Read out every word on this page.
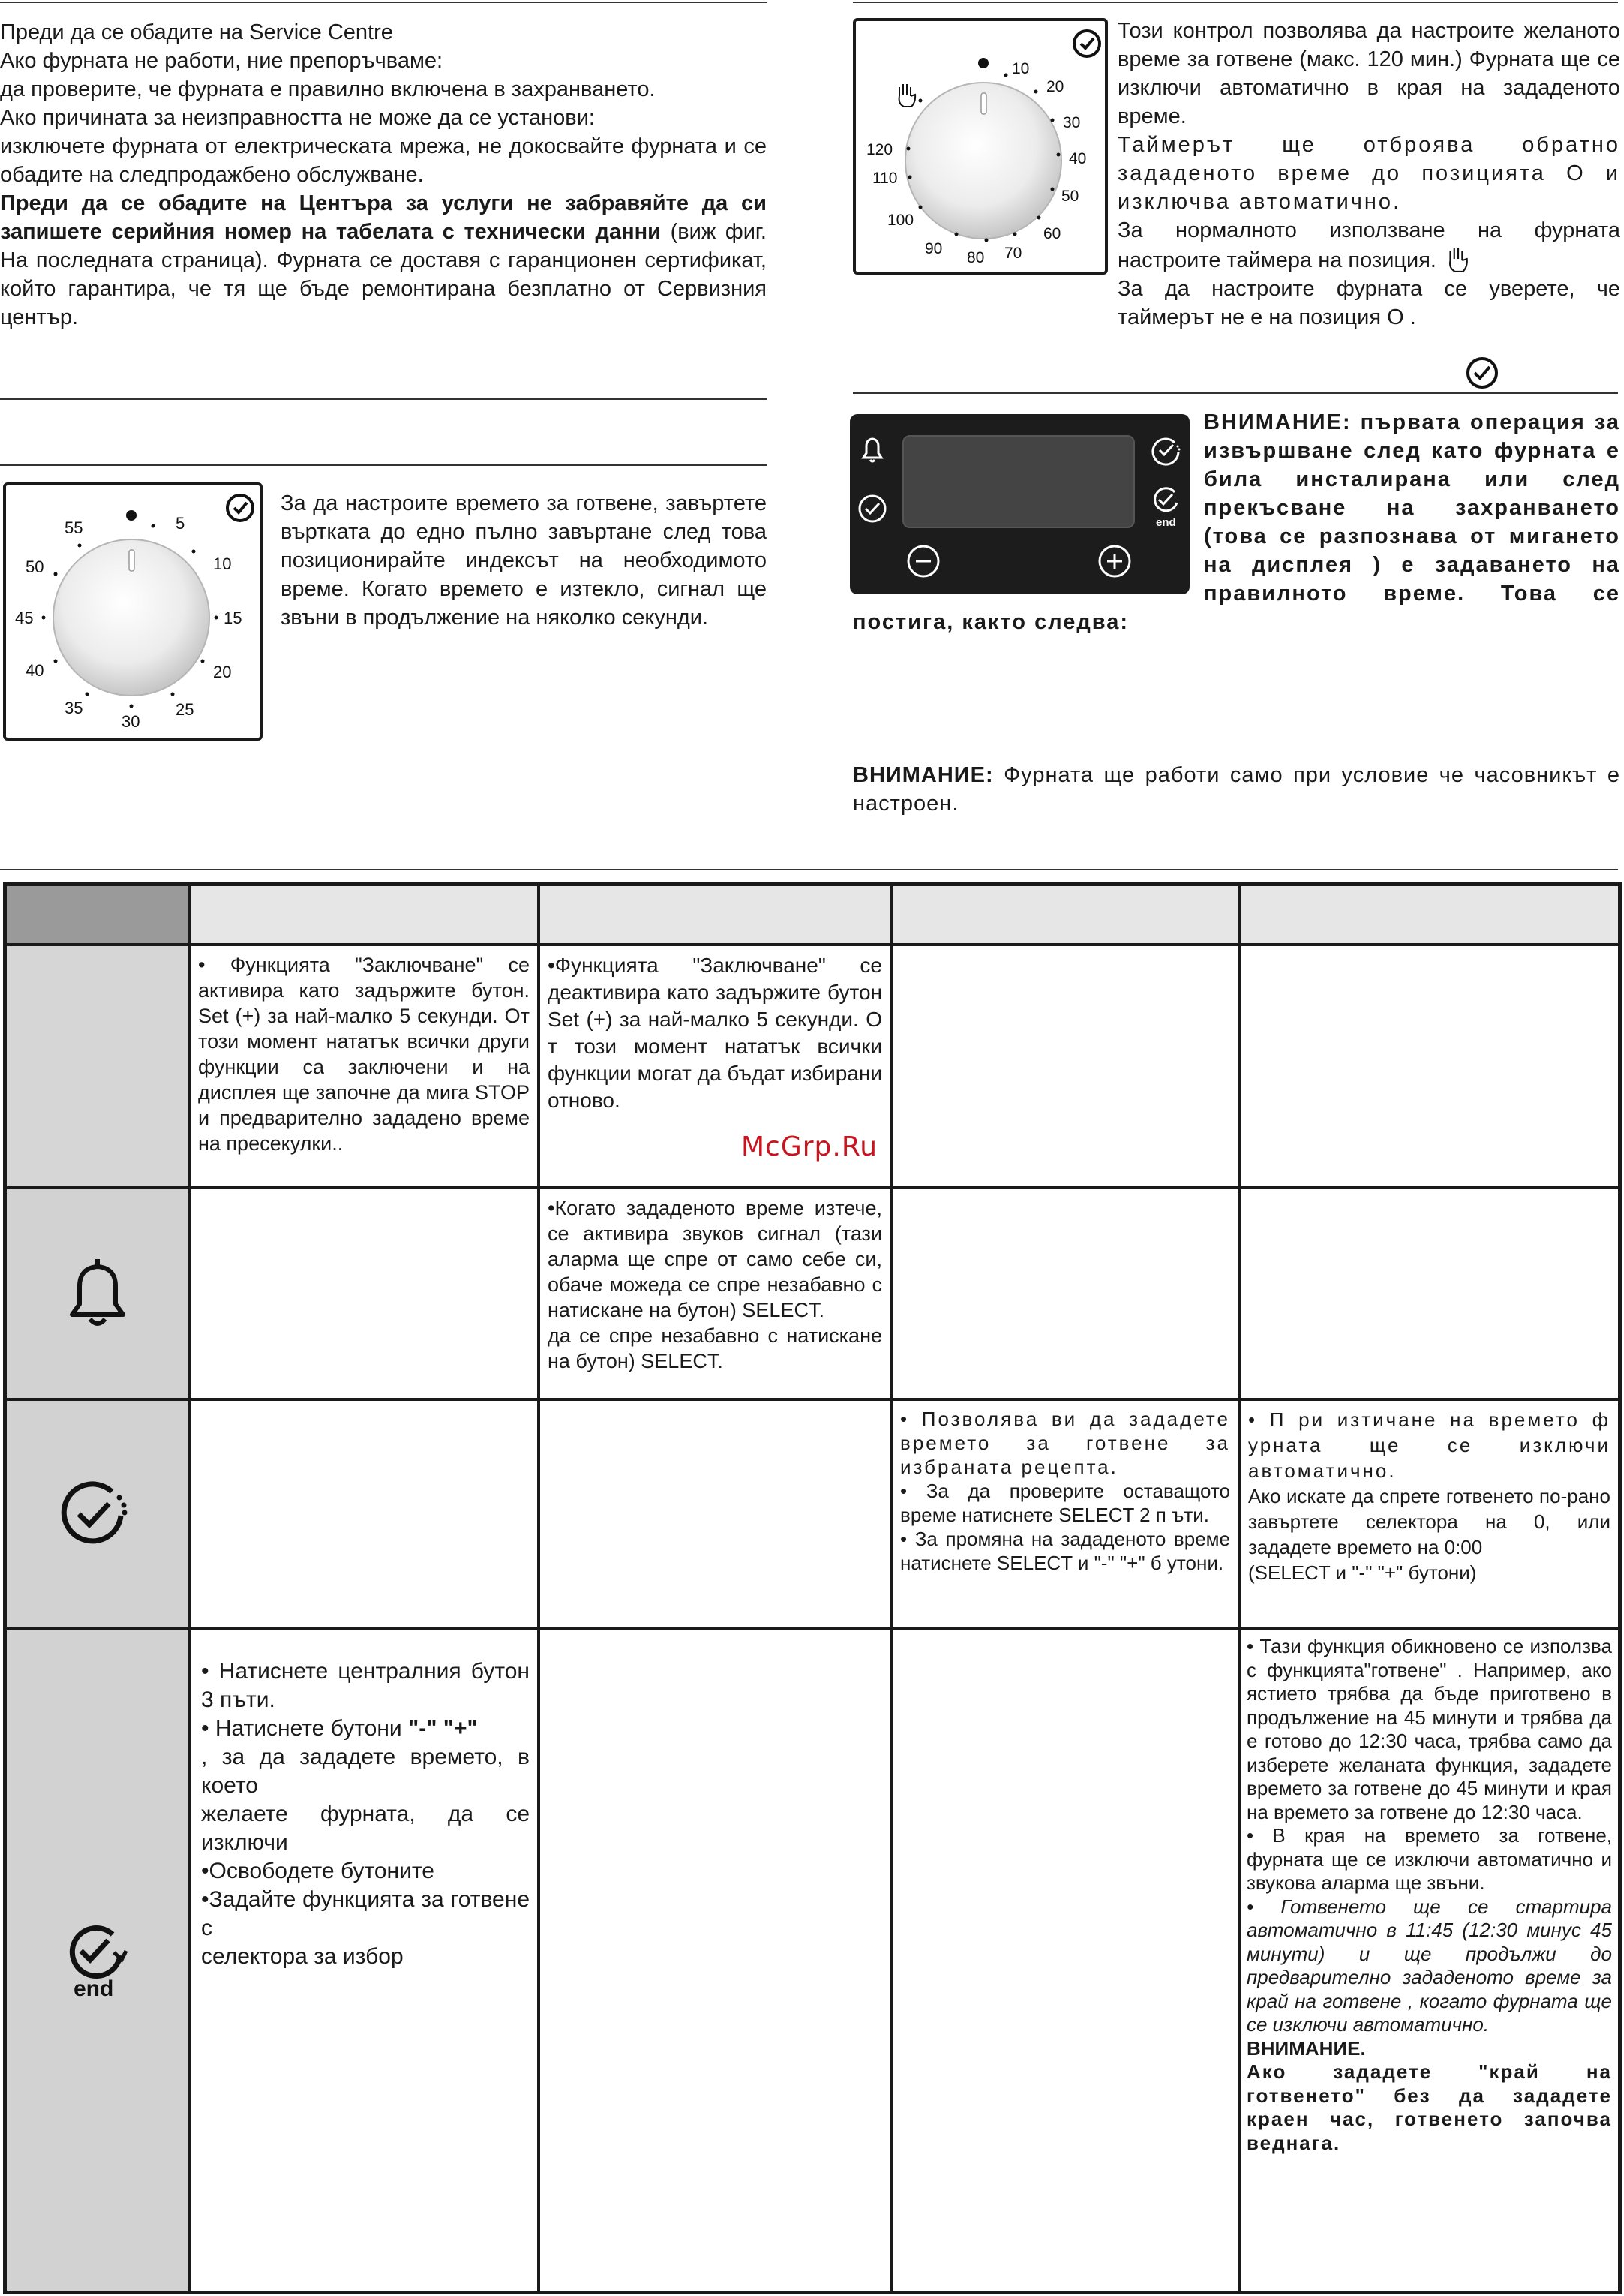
Преди да се обадите на Service Centre
Ако фурната не работи, ние препоръчваме:
да проверите, че фурната е правилно включена в захранването.
Ако причината за неизправността не може да се установи:
изключете фурната от електрическата мрежа, не докосвайте фурната и се обадите на следпродажбено обслужване.
Преди да се обадите на Центъра за услуги не забравяйте да си запишете серийния номер на табелата с технически данни (виж фиг. На последната страница). Фурната се доставя с гаранционен сертификат, който гарантира, че тя ще бъде ремонтирана безплатно от Сервизния център.
10
20
30
40
50
60
70
80
90
100
110
120
Този контрол позволява да настроите желаното време за готвене (макс. 120 мин.) Фурната ще се изключи автоматично в края на зададеното време.
Таймерът ще отброява обратно зададеното време до позицията О и изключва автоматично.
За нормалното използване на фурната настроите таймера на позиция.
За да настроите фурната се уверете, че таймерът не е на позиция О .
5
10
15
20
25
30
35
40
45
50
55
За да настроите времето за готвене, завъртете въртката до едно пълно завъртане след това позиционирайте индексът на необходимото време. Когато времето е изтекло, сигнал ще звъни в продължение на няколко секунди.
end
ВНИМАНИЕ: първата операция за извършване след като фурната е била инсталирана или след прекъсване на захранването (това се разпознава от мигането на дисплея ) е задаването на правилното време. Това се постига, както следва:
ВНИМАНИЕ: Фурната ще работи само при условие че часовникът е настроен.
• Функцията "Заключване" се активира като задържите бутон. Set (+) за най-малко 5 секунди. От този момент нататък всички други функции са заключени и на дисплея ще започне да мига STOP и предварително зададено време на пресекулки..
•Функцията "Заключване" се деактивира като задържите бутон Set (+) за най-малко 5 секунди. О т този момент нататък всички функции могат да бъдат избирани отново.
•Когато зададеното време изтече, се активира звуков сигнал (тази аларма ще спре от само себе си, обаче можеда се спре незабавно с натискане на бутон) SELECT.
да се спре незабавно с натискане на бутон) SELECT.
• Позволява ви да зададете времето за готвене за избраната рецепта.
• За да проверите оставащото време натиснете SELECT 2 п ъти.
• За промяна на зададеното време натиснете SELECT и "-" "+" б утони.
• П ри изтичане на времето ф урната ще се изключи автоматично.
Ако искате да спрете готвенето по-рано завъртете селектора на 0, или зададете времето на 0:00
(SELECT и "-" "+" бутони)
end
• Натиснете централния бутон 3 пъти.
• Натиснете бутони "-" "+"
, за да зададете времето, в което
желаете фурната, да се изключи
•Освободете бутоните
•Задайте функцията за готвене с
селектора за избор
• Тази функция обикновено се използва с функцията"готвене" . Например, ако ястието трябва да бъде приготвено в продължение на 45 минути и трябва да е готово до 12:30 часа, трябва само да изберете желаната функция, зададете времето за готвене до 45 минути и края на времето за готвене до 12:30 часа.
• В края на времето за готвене, фурната ще се изключи автоматично и звукова аларма ще звъни.
• Готвенето ще се стартира автоматично в 11:45 (12:30 минус 45 минути) и ще продължи до предварително зададеното време за край на готвене , когато фурната ще се изключи автоматично.
ВНИМАНИЕ.
Ако зададете "край на готвенето" без да зададете краен час, готвенето започва веднага.
McGrp.Ru
